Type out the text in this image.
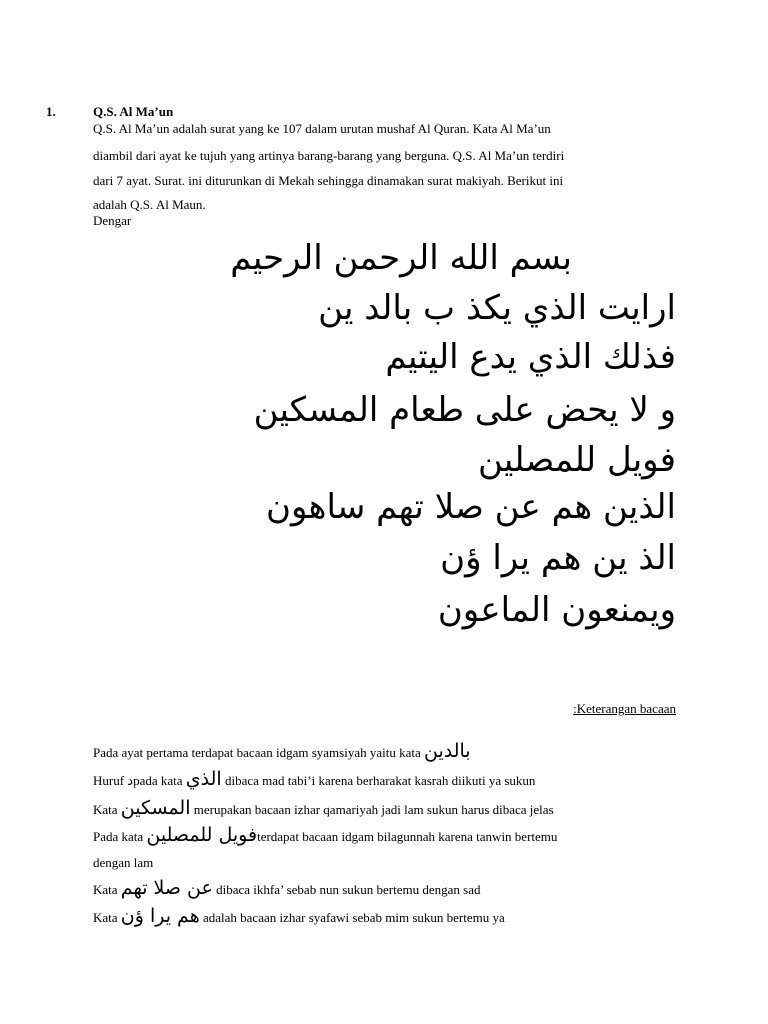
1.	Q.S. Al Ma’un
Q.S. Al Ma’un adalah surat yang ke 107 dalam urutan mushaf Al Quran. Kata Al Ma’un
diambil dari ayat ke tujuh yang artinya barang-barang yang berguna. Q.S. Al Ma’un terdiri
dari 7 ayat. Surat. ini diturunkan di Mekah sehingga dinamakan surat makiyah. Berikut ini
adalah Q.S. Al Maun.
Dengar
بسم الله الرحمن الرحيم
ارايت الذي يكذ ب بالد ين
فذلك الذي يدع اليتيم
و لا يحض على طعام المسكين
فويل للمصلين
الذين هم عن صلا تهم ساهون
الذ ين هم يرا ؤن
ويمنعون الماعون
:Keterangan bacaan
Pada ayat pertama terdapat bacaan idgam syamsiyah yaitu kata بالدين
Huruf دpada kata الذي dibaca mad tabi’i karena berharakat kasrah diikuti ya sukun
Kata المسكين merupakan bacaan izhar qamariyah jadi lam sukun harus dibaca jelas
Pada kata فويل للمصلينterdapat bacaan idgam bilagunnah karena tanwin bertemu
dengan lam
Kata عن صلا تهم dibaca ikhfa’ sebab nun sukun bertemu dengan sad
Kata هم يرا ؤن adalah bacaan izhar syafawi sebab mim sukun bertemu ya
